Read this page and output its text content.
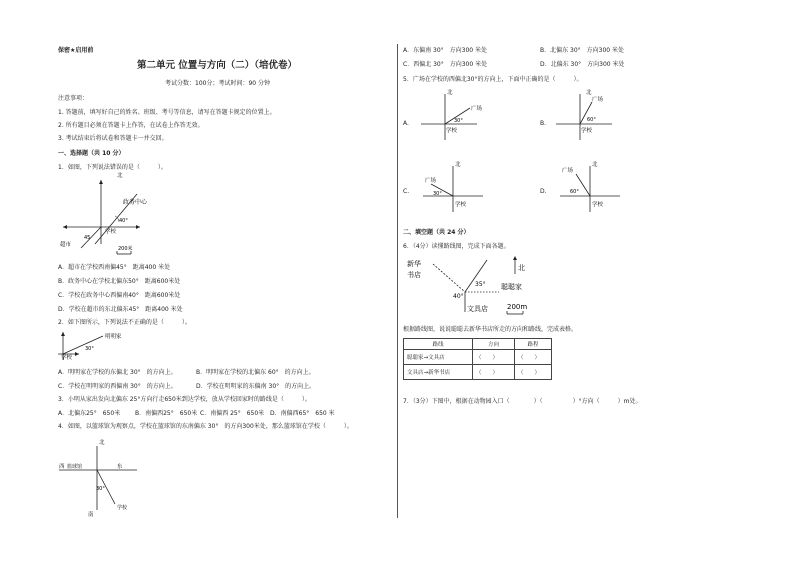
保密★启用前
第二单元 位置与方向（二）（培优卷）
考试分数：100分；考试时间：90 分钟
注意事项：
1. 答题前，填写好自己的姓名、班级、考号等信息，请写在答题卡规定的位置上。
2. 所有题目必须在答题卡上作答，在试卷上作答无效。
3. 考试结束后将试卷和答题卡一并交回。
一、选择题（共 10 分）
1．如图，下列说法错误的是（　　　）。
北
政务中心
学校
超市
40°
45
200米
A．超市在学校西南偏45°　距离400 米处
B．政务中心在学校北偏东50°　距离600米处
C．学校在政务中心西偏南40°　距离600米处
D．学校在超市的东北偏东45°　距离400 米处
2．如下图所示，下列说法不正确的是（　　　）。
30°
明明家
学校
A．明明家在学校的东偏北 30°　的方向上。	B．明明家在学校的北偏东 60°　的方向上。
C．学校在明明家的西偏南 30°　的方向上。	D．学校在明明家的东偏南 30°　的方向上。
3．小明从家出发向北偏东 25°方向行走650米到达学校，放从学校回家时的路线是（　　　）。
A．北偏东25°　650米 B．南偏西25°　650米 C．南偏西 25°　650米 D．南偏西65°　650 米
4．如图，以篮球馆为观察点，学校在篮球馆的东南偏东 30°　的方向300米处，那么篮球馆在学校（　　　）。
北
南
西	东
篮球馆
学校
30°
A．东偏南 30°　方向300 米处	B．北偏东 30°　方向300 米处
C．西偏北 30°　方向300 米处	D．北偏东 30°　方向300 米处
5．广场在学校的西偏北30°的方向上，下面中正确的是（　　　）。
A.
北
广场
30°
学校
B.
北
广场
60°
学校
C.
北
广场
30°
学校
D.
北
广场
60°
学校
二、填空题（共 24 分）
6．（4分）读懂路线图，完成下面各题。
新华
书店
40°
35°
文具店
聪聪家
北
200m
根据路线图，说说聪聪去新华书店所走的方向和路线，完成表格。
路线	方向	路程
聪聪家→文具店	（　　）	（　　）
文具店→新华书店	（　　）	（　　）
7．（3分）下图中，根据在动物园入口（　　　　）（　　　　　）°方向（　　　）m处。
